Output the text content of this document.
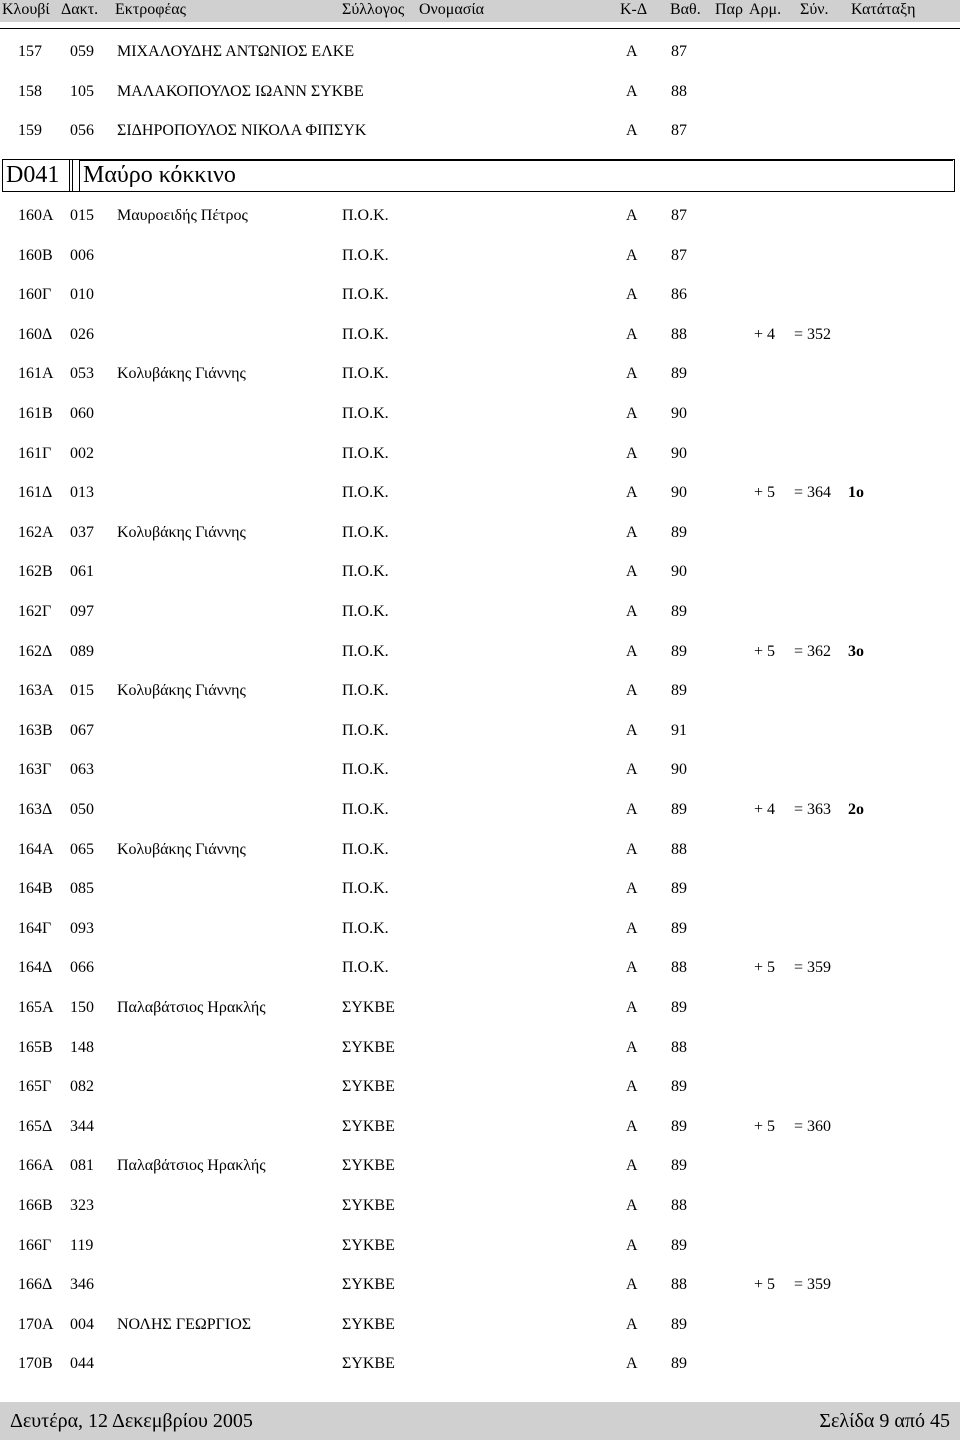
Κλουβί Δακτ. Εκτροφέας	Σύλλογος Ονομασία	Κ-Δ Βαθ. Παρ Αρμ. Σύν. Κατάταξη
157 059 ΜΙΧΑΛΟΥΔΗΣ ΑΝΤΩΝΙΟΣ ΕΛΚΕ	Α 87
158 105 ΜΑΛΑΚΟΠΟΥΛΟΣ ΙΩΑΝΝ ΣΥΚΒΕ	Α 88
159 056 ΣΙΔΗΡΟΠΟΥΛΟΣ ΝΙΚΟΛΑ ΦΙΠΣΥΚ	Α 87
D041 Μαύρο κόκκινο
160Α 015 Μαυροειδής Πέτρος	Π.Ο.Κ.	Α 87
160Β 006	Π.Ο.Κ.	Α 87
160Γ 010	Π.Ο.Κ.	Α 86
160Δ 026	Π.Ο.Κ.	Α 88	+ 4 = 352
161Α 053 Κολυβάκης Γιάννης	Π.Ο.Κ.	Α 89
161Β 060	Π.Ο.Κ.	Α 90
161Γ 002	Π.Ο.Κ.	Α 90
161Δ 013	Π.Ο.Κ.	Α 90	+ 5 = 364 1ο
162Α 037 Κολυβάκης Γιάννης	Π.Ο.Κ.	Α 89
162Β 061	Π.Ο.Κ.	Α 90
162Γ 097	Π.Ο.Κ.	Α 89
162Δ 089	Π.Ο.Κ.	Α 89	+ 5 = 362 3ο
163Α 015 Κολυβάκης Γιάννης	Π.Ο.Κ.	Α 89
163Β 067	Π.Ο.Κ.	Α 91
163Γ 063	Π.Ο.Κ.	Α 90
163Δ 050	Π.Ο.Κ.	Α 89	+ 4 = 363 2ο
164Α 065 Κολυβάκης Γιάννης	Π.Ο.Κ.	Α 88
164Β 085	Π.Ο.Κ.	Α 89
164Γ 093	Π.Ο.Κ.	Α 89
164Δ 066	Π.Ο.Κ.	Α 88	+ 5 = 359
165Α 150 Παλαβάτσιος Ηρακλής	ΣΥΚΒΕ	Α 89
165Β 148	ΣΥΚΒΕ	Α 88
165Γ 082	ΣΥΚΒΕ	Α 89
165Δ 344	ΣΥΚΒΕ	Α 89	+ 5 = 360
166Α 081 Παλαβάτσιος Ηρακλής	ΣΥΚΒΕ	Α 89
166Β 323	ΣΥΚΒΕ	Α 88
166Γ 119	ΣΥΚΒΕ	Α 89
166Δ 346	ΣΥΚΒΕ	Α 88	+ 5 = 359
170Α 004 ΝΟΛΗΣ ΓΕΩΡΓΙΟΣ	ΣΥΚΒΕ	Α 89
170Β 044	ΣΥΚΒΕ	Α 89
Δευτέρα, 12 Δεκεμβρίου 2005	Σελίδα 9 από 45
